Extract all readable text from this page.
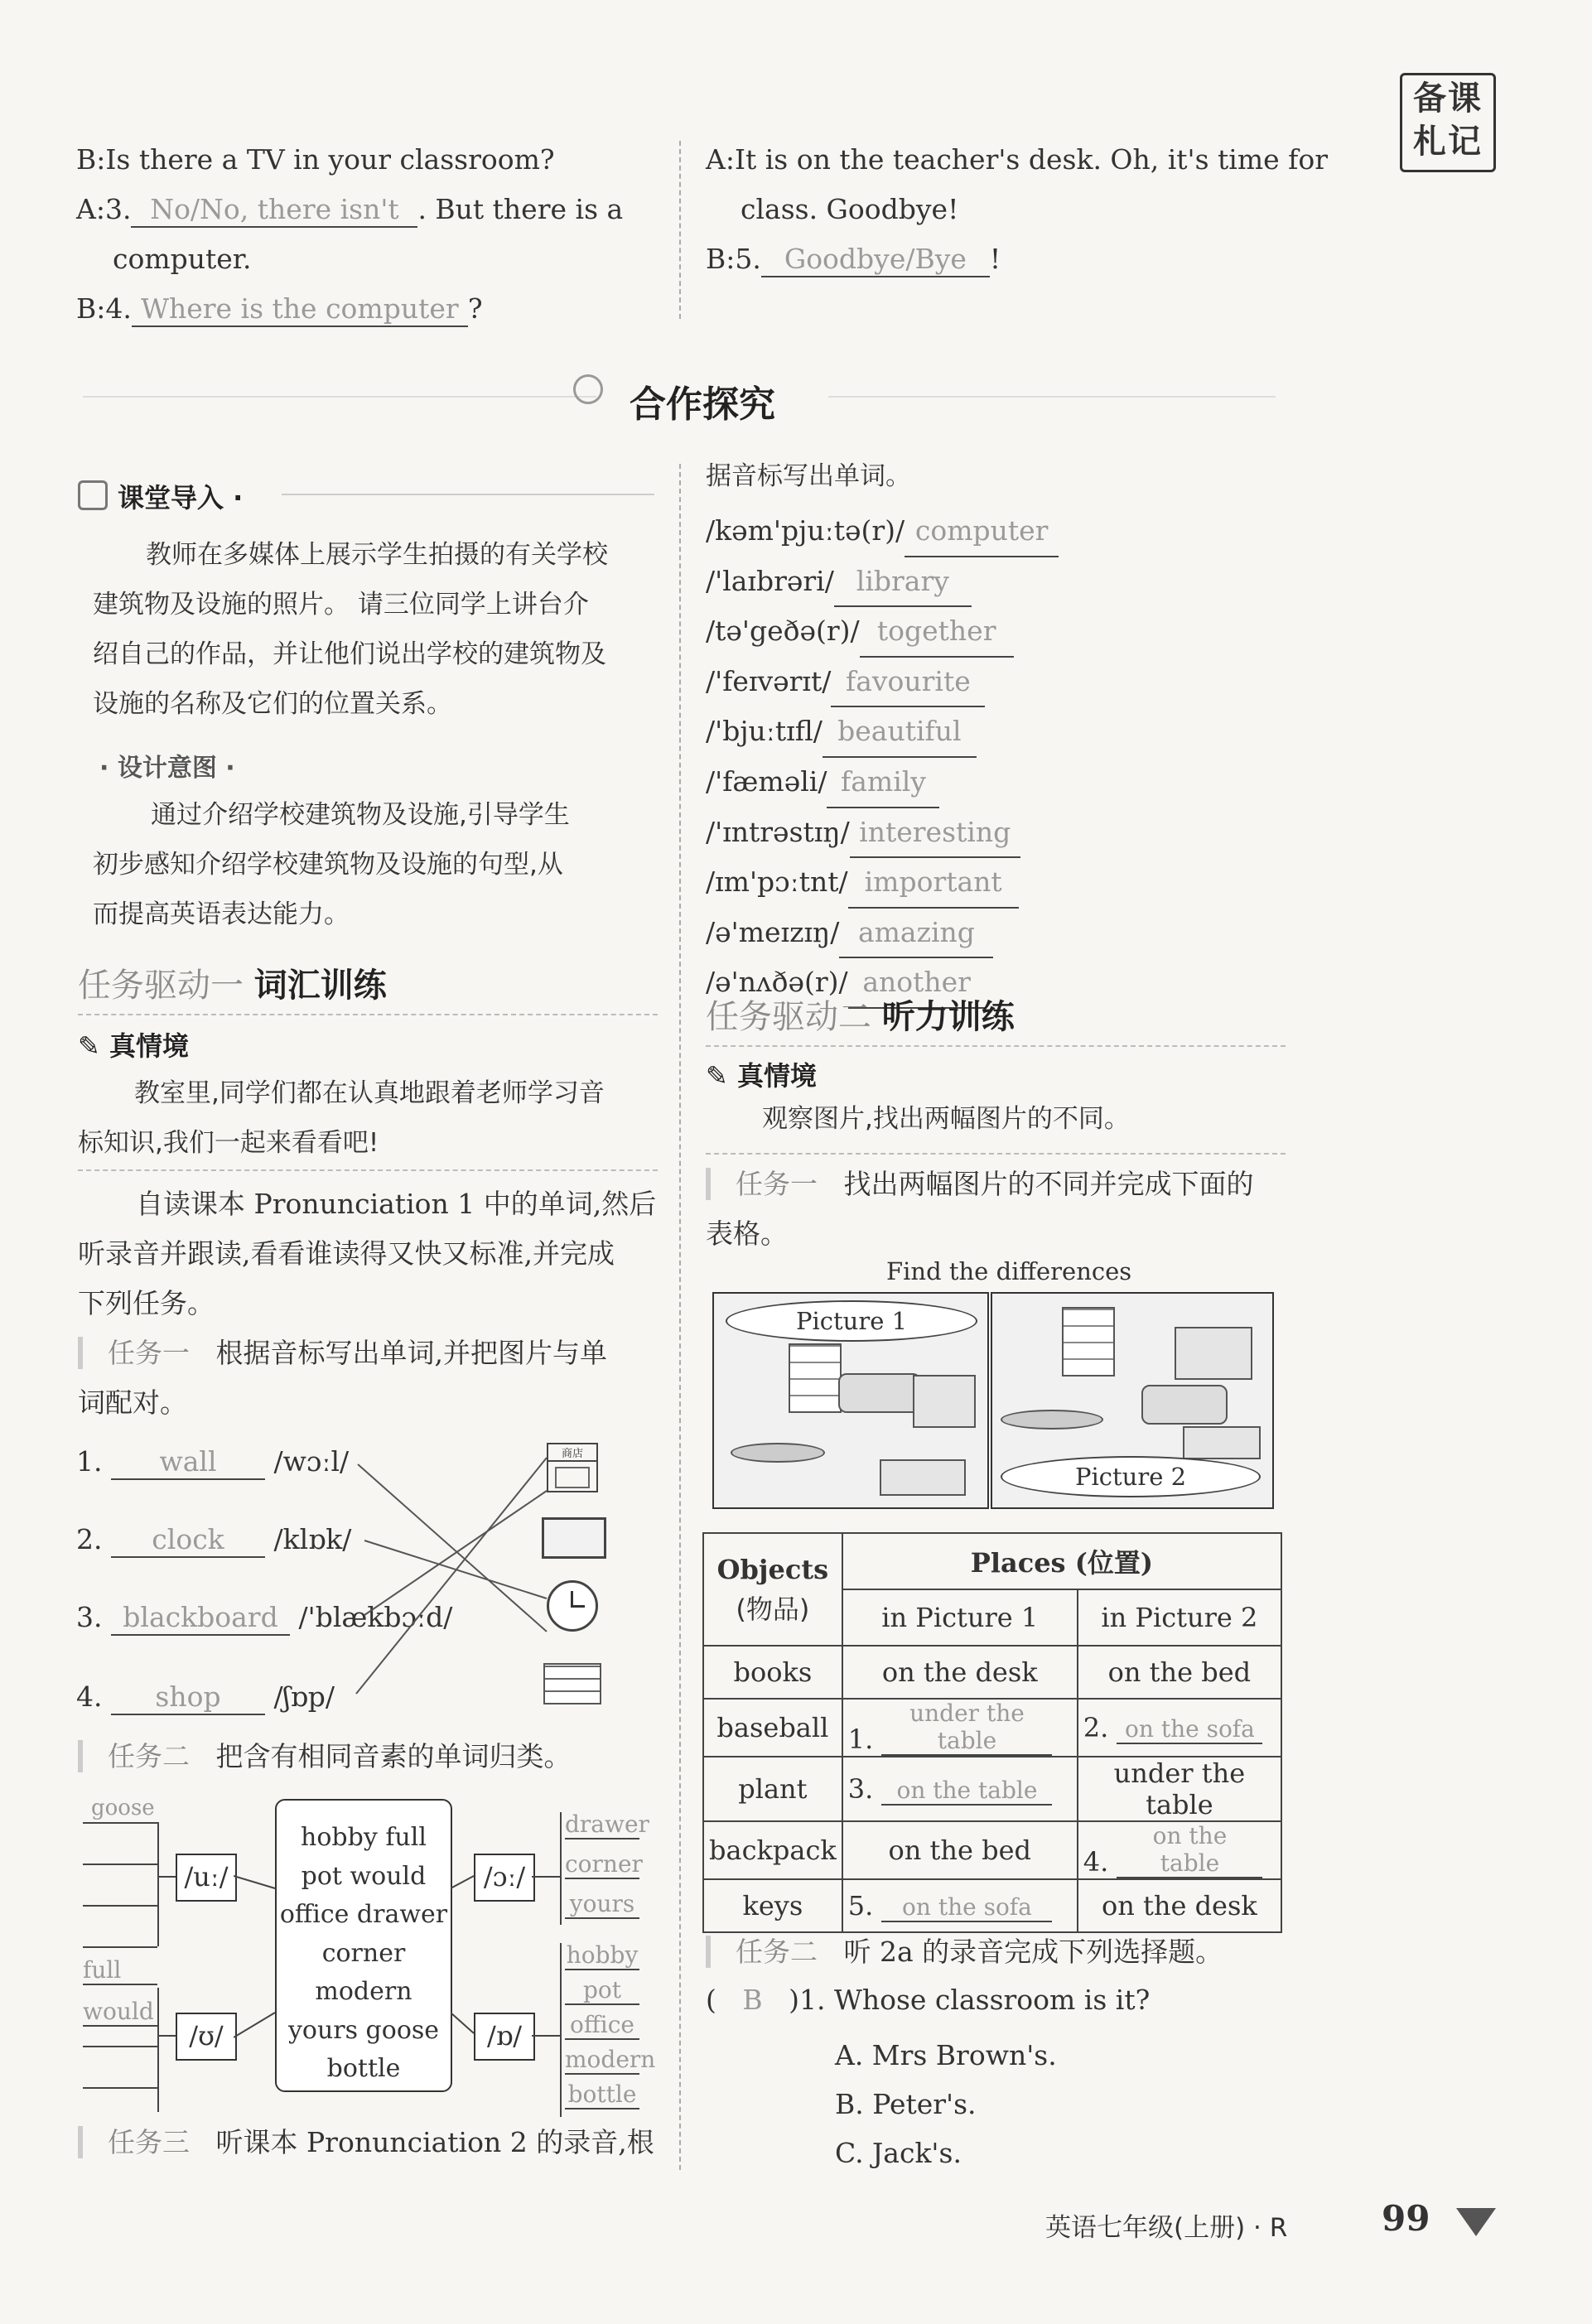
备课札记
B:Is there a TV in your classroom?
A:3. No/No, there isn't . But there is a
computer.
B:4. Where is the computer ?
A:It is on the teacher's desk. Oh, it's time for
class. Goodbye!
B:5. Goodbye/Bye !
合作探究
课堂导入 ·
教师在多媒体上展示学生拍摄的有关学校
建筑物及设施的照片。 请三位同学上讲台介
绍自己的作品，并让他们说出学校的建筑物及
设施的名称及它们的位置关系。
· 设计意图 ·
通过介绍学校建筑物及设施,引导学生
初步感知介绍学校建筑物及设施的句型,从
而提高英语表达能力。
任务驱动一 词汇训练
✎ 真情境
教室里,同学们都在认真地跟着老师学习音
标知识,我们一起来看看吧!
自读课本 Pronunciation 1 中的单词,然后
听录音并跟读,看看谁读得又快又标准,并完成
下列任务。
任务一 根据音标写出单词,并把图片与单
词配对。
1. wall /wɔːl/
2. clock /klɒk/
3. blackboard /'blækbɔːd/
4. shop /ʃɒp/
商店
任务二 把含有相同音素的单词归类。
goose
/uː/
full
would
/ʊ/
hobby full
pot would
office drawer
corner modern
yours goose
bottle
/ɔː/
drawer
corner
yours
/ɒ/
hobby
pot
office
modern
bottle
任务三 听课本 Pronunciation 2 的录音,根
据音标写出单词。
/kəm'pjuːtə(r)/ computer
/'laɪbrəri/ library
/tə'geðə(r)/ together
/'feɪvərɪt/ favourite
/'bjuːtɪfl/ beautiful
/'fæməli/ family
/'ɪntrəstɪŋ/ interesting
/ɪm'pɔːtnt/ important
/ə'meɪzɪŋ/ amazing
/ə'nʌðə(r)/ another
任务驱动二 听力训练
✎ 真情境
观察图片,找出两幅图片的不同。
任务一 找出两幅图片的不同并完成下面的
表格。
Find the differences
Picture 1
Picture 2
Objects
(物品)	Places (位置)	
	in Picture 1	in Picture 2
books	on the desk	on the bed
baseball	1. under the table	2. on the sofa
plant	3. on the table	under the table
backpack	on the bed	4. on the table
keys	5. on the sofa	on the desk
任务二 听 2a 的录音完成下列选择题。
(   B )1. Whose classroom is it?
A. Mrs Brown's.
B. Peter's.
C. Jack's.
英语七年级(上册) · R	99
